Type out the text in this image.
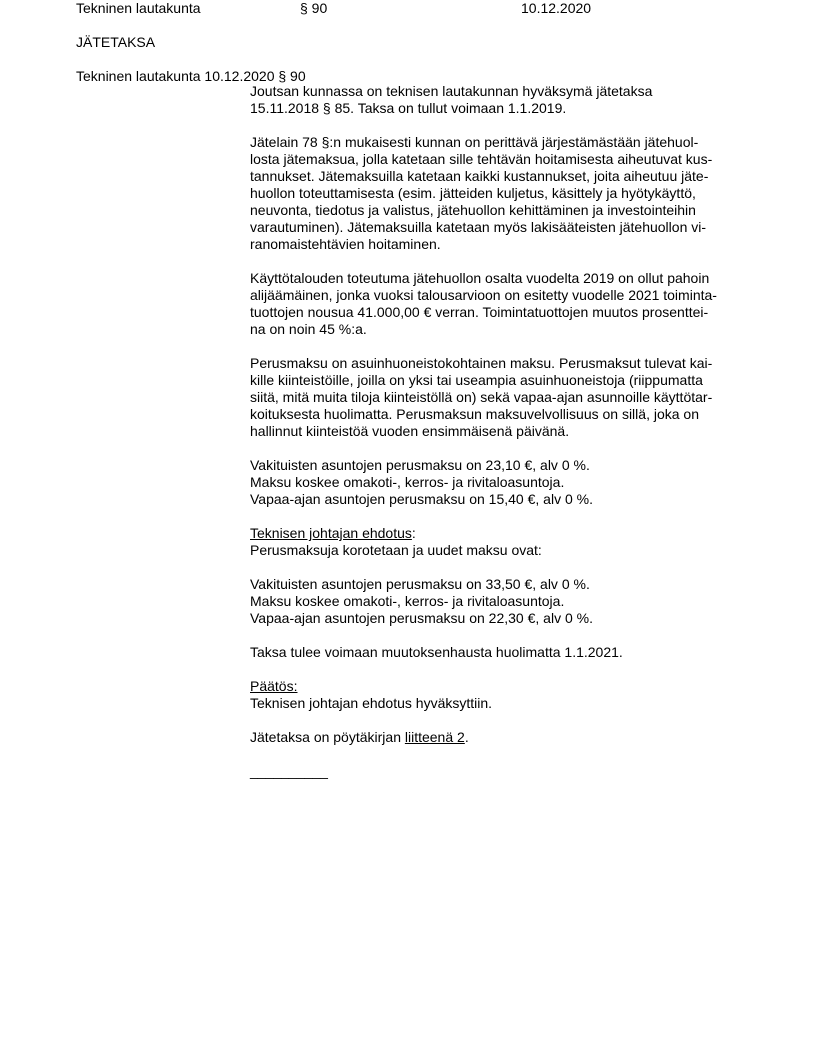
Tekninen lautakunta	§ 90	10.12.2020
JÄTETAKSA
Tekninen lautakunta 10.12.2020 § 90

Joutsan kunnassa on teknisen lautakunnan hyväksymä jätetaksa
15.11.2018 § 85. Taksa on tullut voimaan 1.1.2019.

Jätelain 78 §:n mukaisesti kunnan on perittävä järjestämästään jätehuol-
losta jätemaksua, jolla katetaan sille tehtävän hoitamisesta aiheutuvat kus-
tannukset. Jätemaksuilla katetaan kaikki kustannukset, joita aiheutuu jäte-
huollon toteuttamisesta (esim. jätteiden kuljetus, käsittely ja hyötykäyttö,
neuvonta, tiedotus ja valistus, jätehuollon kehittäminen ja investointeihin
varautuminen). Jätemaksuilla katetaan myös lakisääteisten jätehuollon vi-
ranomaistehtävien hoitaminen.

Käyttötalouden toteutuma jätehuollon osalta vuodelta 2019 on ollut pahoin
alijäämäinen, jonka vuoksi talousarvioon on esitetty vuodelle 2021 toiminta-
tuottojen nousua 41.000,00 € verran. Toimintatuottojen muutos prosenttei-
na on noin 45 %:a.

Perusmaksu on asuinhuoneistokohtainen maksu. Perusmaksut tulevat kai-
kille kiinteistöille, joilla on yksi tai useampia asuinhuoneistoja (riippumatta
siitä, mitä muita tiloja kiinteistöllä on) sekä vapaa-ajan asunnoille käyttötar-
koituksesta huolimatta. Perusmaksun maksuvelvollisuus on sillä, joka on
hallinnut kiinteistöä vuoden ensimmäisenä päivänä.

Vakituisten asuntojen perusmaksu on 23,10 €, alv 0 %.
Maksu koskee omakoti-, kerros- ja rivitaloasuntoja.
Vapaa-ajan asuntojen perusmaksu on 15,40 €, alv 0 %.

Teknisen johtajan ehdotus:
Perusmaksuja korotetaan ja uudet maksu ovat:

Vakituisten asuntojen perusmaksu on 33,50 €, alv 0 %.
Maksu koskee omakoti-, kerros- ja rivitaloasuntoja.
Vapaa-ajan asuntojen perusmaksu on 22,30 €, alv 0 %.

Taksa tulee voimaan muutoksenhausta huolimatta 1.1.2021.

Päätös:
Teknisen johtajan ehdotus hyväksyttiin.

Jätetaksa on pöytäkirjan liitteenä 2.

__________
